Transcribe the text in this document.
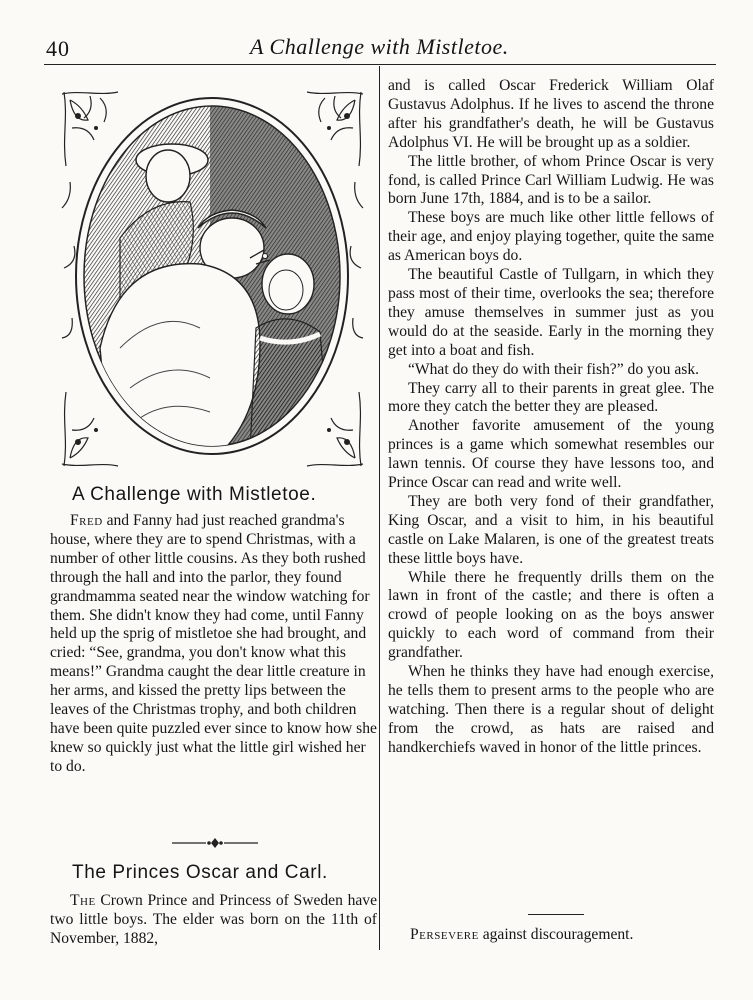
40	A Challenge with Mistletoe.
A Challenge with Mistletoe.

Fred and Fanny had just reached grandma's house, where they are to spend Christmas, with a number of other little cousins. As they both rushed through the hall and into the parlor, they found grandmamma seated near the window watching for them. She didn't know they had come, until Fanny held up the sprig of mistletoe she had brought, and cried: “See, grandma, you don't know what this means!” Grandma caught the dear little creature in her arms, and kissed the pretty lips between the leaves of the Christmas trophy, and both children have been quite puzzled ever since to know how she knew so quickly just what the little girl wished her to do.

The Princes Oscar and Carl.

The Crown Prince and Princess of Sweden have two little boys. The elder was born on the 11th of November, 1882,

and is called Oscar Frederick William Olaf Gustavus Adolphus. If he lives to ascend the throne after his grandfather's death, he will be Gustavus Adolphus VI. He will be brought up as a soldier.

The little brother, of whom Prince Oscar is very fond, is called Prince Carl William Ludwig. He was born June 17th, 1884, and is to be a sailor.

These boys are much like other little fellows of their age, and enjoy playing together, quite the same as American boys do.

The beautiful Castle of Tullgarn, in which they pass most of their time, overlooks the sea; therefore they amuse themselves in summer just as you would do at the seaside. Early in the morning they get into a boat and fish.

“What do they do with their fish?” do you ask.

They carry all to their parents in great glee. The more they catch the better they are pleased.

Another favorite amusement of the young princes is a game which somewhat resembles our lawn tennis. Of course they have lessons too, and Prince Oscar can read and write well.

They are both very fond of their grandfather, King Oscar, and a visit to him, in his beautiful castle on Lake Malaren, is one of the greatest treats these little boys have.

While there he frequently drills them on the lawn in front of the castle; and there is often a crowd of people looking on as the boys answer quickly to each word of command from their grandfather.

When he thinks they have had enough exercise, he tells them to present arms to the people who are watching. Then there is a regular shout of delight from the crowd, as hats are raised and handkerchiefs waved in honor of the little princes.

Persevere against discouragement.
